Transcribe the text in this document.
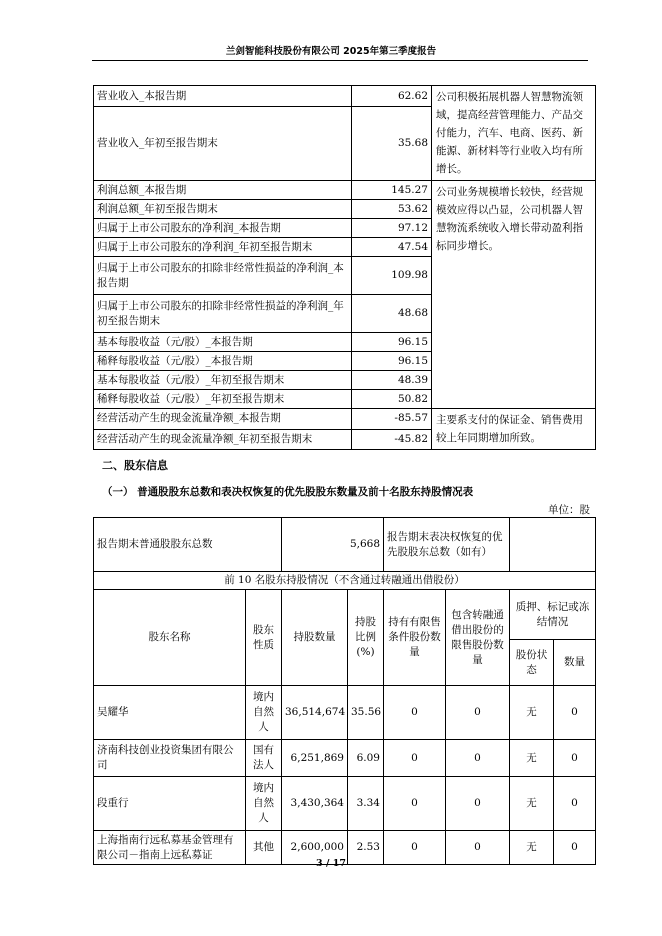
兰剑智能科技股份有限公司 2025年第三季度报告
营业收入_本报告期	62.62	公司积极拓展机器人智慧物流领域，提高经营管理能力、产品交付能力，汽车、电商、医药、新能源、新材料等行业收入均有所增长。
营业收入_年初至报告期末	35.68	
利润总额_本报告期	145.27	公司业务规模增长较快，经营规模效应得以凸显，公司机器人智慧物流系统收入增长带动盈利指标同步增长。
利润总额_年初至报告期末	53.62	
归属于上市公司股东的净利润_本报告期	97.12	
归属于上市公司股东的净利润_年初至报告期末	47.54	
归属于上市公司股东的扣除非经常性损益的净利润_本报告期	109.98	
归属于上市公司股东的扣除非经常性损益的净利润_年初至报告期末	48.68	
基本每股收益（元/股）_本报告期	96.15	
稀释每股收益（元/股）_本报告期	96.15	
基本每股收益（元/股）_年初至报告期末	48.39	
稀释每股收益（元/股）_年初至报告期末	50.82	
经营活动产生的现金流量净额_本报告期	-85.57	主要系支付的保证金、销售费用较上年同期增加所致。
经营活动产生的现金流量净额_年初至报告期末	-45.82	
二、股东信息
（一） 普通股股东总数和表决权恢复的优先股股东数量及前十名股东持股情况表
单位：股
报告期末普通股股东总数		5,668		报告期末表决权恢复的优先股股东总数（如有）			
前 10 名股东持股情况（不含通过转融通出借股份）							
股东名称	股东性质	持股数量	持股比例(%)	持有有限售条件股份数量	包含转融通借出股份的限售股份数量	质押、标记或冻结情况	
						股份状态	数量
吴耀华	境内自然人	36,514,674	35.56	0	0	无	0
济南科技创业投资集团有限公司	国有法人	6,251,869	6.09	0	0	无	0
段重行	境内自然人	3,430,364	3.34	0	0	无	0
上海指南行远私募基金管理有限公司－指南上远私募证	其他	2,600,000	2.53	0	0	无	0
3 / 17
